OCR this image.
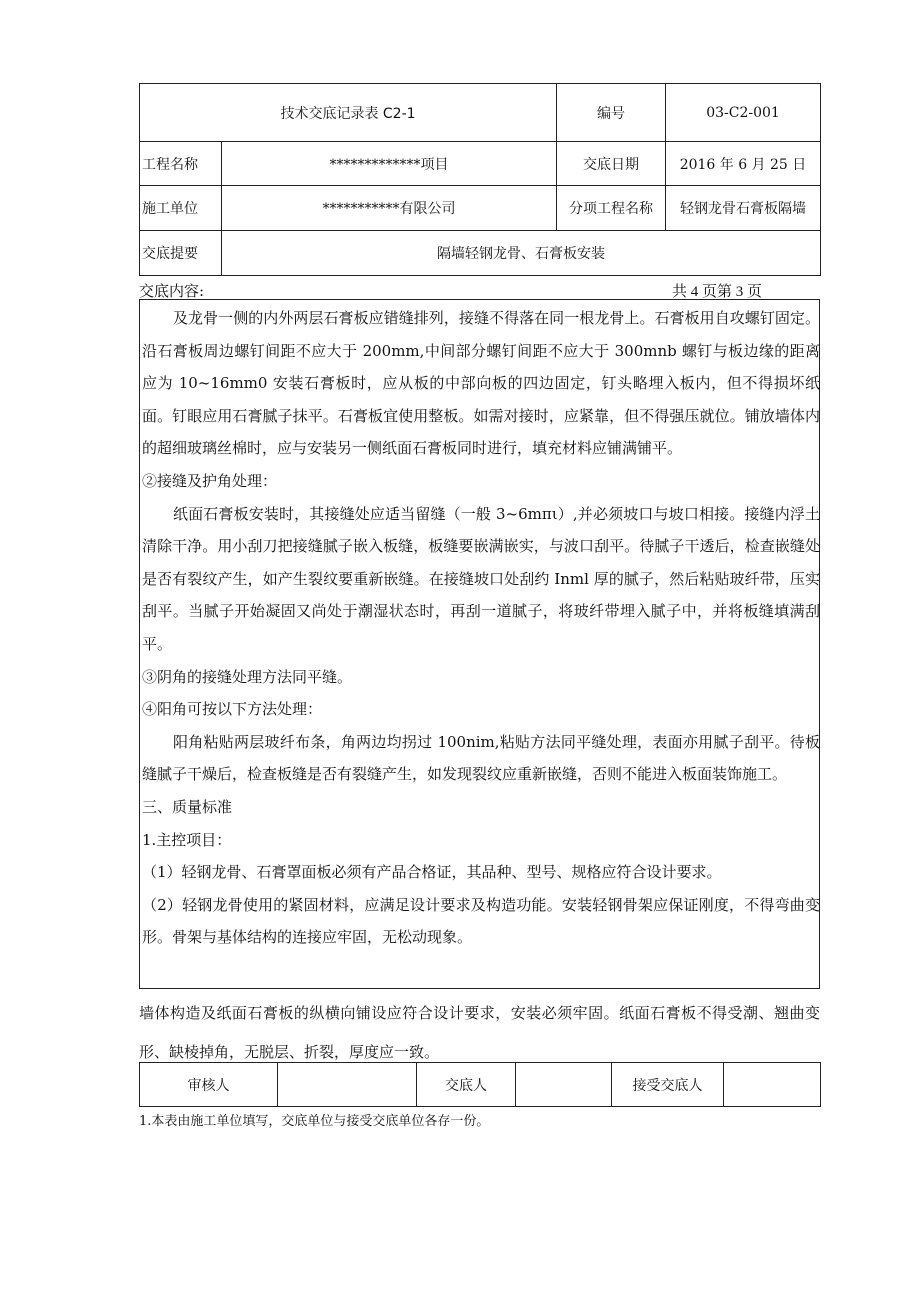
技术交底记录表 C2-1		编号	03-C2-001
工程名称	*************项目	交底日期	2016 年 6 月 25 日
施工单位	***********有限公司	分项工程名称	轻钢龙骨石膏板隔墙
交底提要	隔墙轻钢龙骨、石膏板安装		
交底内容:	共 4 页第 3 页

及龙骨一侧的内外两层石膏板应错缝排列，接缝不得落在同一根龙骨上。石膏板用自攻螺钉固定。沿石膏板周边螺钉间距不应大于 200mm,中间部分螺钉间距不应大于 300mnb 螺钉与板边缘的距离应为 10~16mm0 安装石膏板时，应从板的中部向板的四边固定，钉头略埋入板内，但不得损坏纸面。钉眼应用石膏腻子抹平。石膏板宜使用整板。如需对接时，应紧靠，但不得强压就位。铺放墙体内的超细玻璃丝棉时，应与安装另一侧纸面石膏板同时进行，填充材料应铺满铺平。

②接缝及护角处理：

纸面石膏板安装时，其接缝处应适当留缝（一般 3~6mπι）,并必须坡口与坡口相接。接缝内浮土清除干净。用小刮刀把接缝腻子嵌入板缝，板缝要嵌满嵌实，与波口刮平。待腻子干透后，检查嵌缝处是否有裂纹产生，如产生裂纹要重新嵌缝。在接缝坡口处刮约 Inml 厚的腻子，然后粘贴玻纤带，压实刮平。当腻子开始凝固又尚处于潮湿状态时，再刮一道腻子，将玻纤带埋入腻子中，并将板缝填满刮平。

③阴角的接缝处理方法同平缝。

④阳角可按以下方法处理：

阳角粘贴两层玻纤布条，角两边均拐过 100nim,粘贴方法同平缝处理，表面亦用腻子刮平。待板缝腻子干燥后，检查板缝是否有裂缝产生，如发现裂纹应重新嵌缝，否则不能进入板面装饰施工。

三、质量标准

1.主控项目：

（1）轻钢龙骨、石膏罩面板必须有产品合格证，其品种、型号、规格应符合设计要求。

（2）轻钢龙骨使用的紧固材料，应满足设计要求及构造功能。安装轻钢骨架应保证刚度，不得弯曲变形。骨架与基体结构的连接应牢固，无松动现象。

墙体构造及纸面石膏板的纵横向铺设应符合设计要求，安装必须牢固。纸面石膏板不得受潮、翘曲变形、缺棱掉角，无脱层、折裂，厚度应一致。

审核人		交底人		接受交底人	
1.本表由施工单位填写，交底单位与接受交底单位各存一份。
